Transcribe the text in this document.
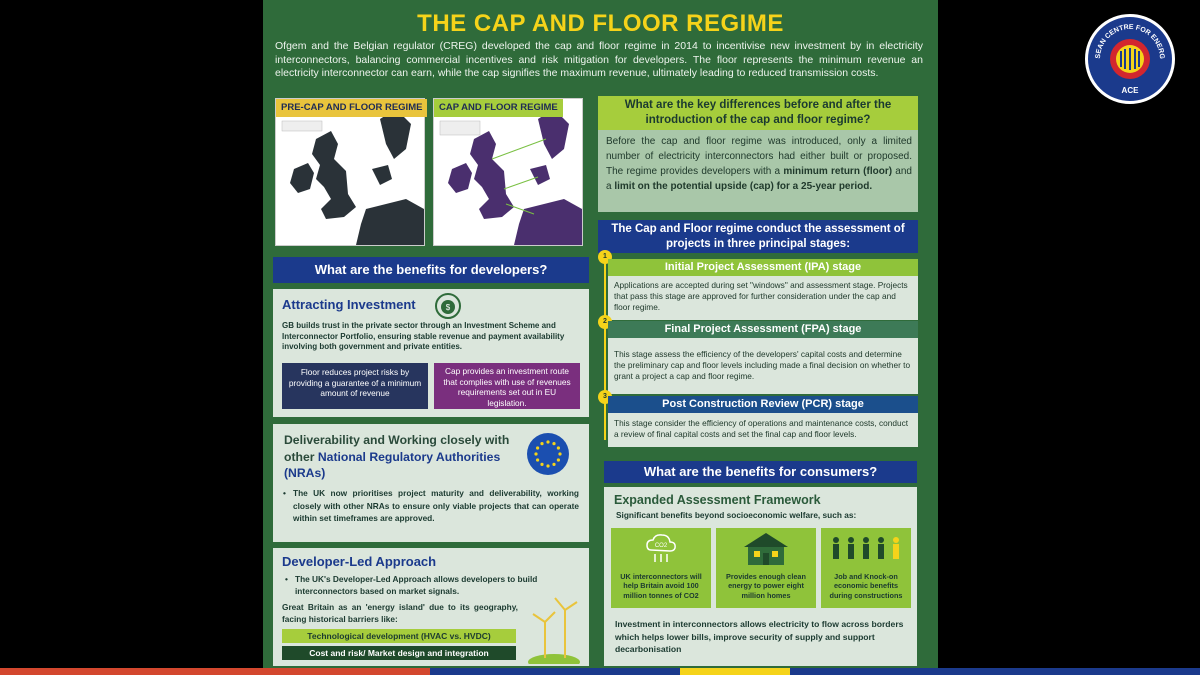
THE CAP AND FLOOR REGIME
Ofgem and the Belgian regulator (CREG) developed the cap and floor regime in 2014 to incentivise new investment by in electricity interconnectors, balancing commercial incentives and risk mitigation for developers. The floor represents the minimum revenue an electricity interconnector can earn, while the cap signifies the maximum revenue, ultimately leading to reduced transmission costs.
PRE-CAP AND FLOOR REGIME	CAP AND FLOOR REGIME	What are the key differences before and after the introduction of the cap and floor regime?
Before the cap and floor regime was introduced, only a limited number of electricity interconnectors had either built or proposed. The regime provides developers with a minimum return (floor) and a limit on the potential upside (cap) for a 25-year period.
What are the benefits for developers?
Attracting Investment	$
GB builds trust in the private sector through an Investment Scheme and Interconnector Portfolio, ensuring stable revenue and payment availability involving both government and private entities.
Floor reduces project risks by providing a guarantee of a minimum amount of revenue
Cap provides an investment route that complies with use of revenues requirements set out in EU legislation.
Deliverability and Working closely with other National Regulatory Authorities (NRAs)
• The UK now prioritises project maturity and deliverability, working closely with other NRAs to ensure only viable projects that can operate within set timeframes are approved.
Developer-Led Approach
• The UK's Developer-Led Approach allows developers to build interconnectors based on market signals.
Great Britain as an 'energy island' due to its geography, facing historical barriers like:
Technological development (HVAC vs. HVDC)
Cost and risk/ Market design and integration
The Cap and Floor regime conduct the assessment of projects in three principal stages:
1
Initial Project Assessment (IPA) stage
Applications are accepted during set "windows" and assessment stage. Projects that pass this stage are approved for further consideration under the cap and floor regime.
2
Final Project Assessment (FPA) stage
This stage assess the efficiency of the developers' capital costs and determine the preliminary cap and floor levels including made a final decision on whether to grant a project a cap and floor regime.
3
Post Construction Review (PCR) stage
This stage consider the efficiency of operations and maintenance costs, conduct a review of final capital costs and set the final cap and floor levels.
What are the benefits for consumers?
Expanded Assessment Framework
Significant benefits beyond socioeconomic welfare, such as:
CO2
UK interconnectors will help Britain avoid 100 million tonnes of CO2
Provides enough clean energy to power eight million homes
Job and Knock-on economic benefits during constructions
Investment in interconnectors allows electricity to flow across borders which helps lower bills, improve security of supply and support decarbonisation
SEAN CENTRE FOR ENERG
ACE
